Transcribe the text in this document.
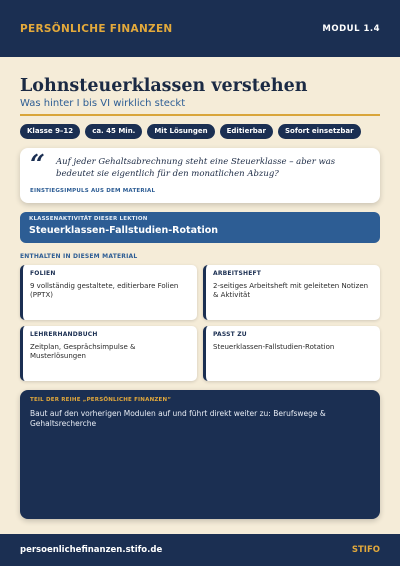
PERSÖNLICHE FINANZEN	MODUL 1.4
Lohnsteuerklassen verstehen
Was hinter I bis VI wirklich steckt
Klasse 9–12	ca. 45 Min.	Mit Lösungen	Editierbar	Sofort einsetzbar
“ Auf jeder Gehaltsabrechnung steht eine Steuerklasse – aber was bedeutet sie eigentlich für den monatlichen Abzug?

EINSTIEGSIMPULS AUS DEM MATERIAL
KLASSENAKTIVITÄT DIESER LEKTION
Steuerklassen-Fallstudien-Rotation
ENTHALTEN IN DIESEM MATERIAL
FOLIEN
9 vollständig gestaltete, editierbare Folien (PPTX)
ARBEITSHEFT
2-seitiges Arbeitsheft mit geleiteten Notizen & Aktivität
LEHRERHANDBUCH
Zeitplan, Gesprächsimpulse & Musterlösungen
PASST ZU
Steuerklassen-Fallstudien-Rotation
TEIL DER REIHE „PERSÖNLICHE FINANZEN“

Baut auf den vorherigen Modulen auf und führt direkt weiter zu: Berufswege & Gehaltsrecherche

persoenlichefinanzen.stifo.de	STIFO
